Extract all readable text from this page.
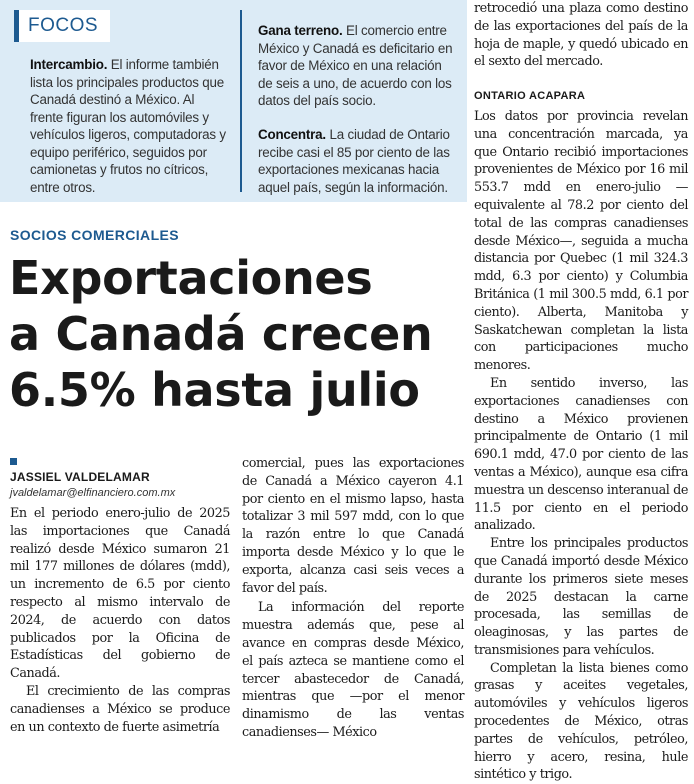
FOCOS
Intercambio. El informe también lista los principales productos que Canadá destinó a México. Al frente figuran los automóviles y vehículos ligeros, computadoras y equipo periférico, seguidos por camionetas y frutos no cítricos, entre otros.
Gana terreno. El comercio entre México y Canadá es deficitario en favor de México en una relación de seis a uno, de acuerdo con los datos del país socio.
Concentra. La ciudad de Ontario recibe casi el 85 por ciento de las exportaciones mexicanas hacia aquel país, según la información.
SOCIOS COMERCIALES
Exportaciones
a Canadá crecen
6.5% hasta julio
JASSIEL VALDELAMAR
jvaldelamar@elfinanciero.com.mx

En el periodo enero-julio de 2025 las importaciones que Canadá realizó desde México sumaron 21 mil 177 millones de dólares (mdd), un incremento de 6.5 por ciento respecto al mismo intervalo de 2024, de acuerdo con datos publicados por la Oficina de Estadísticas del gobierno de Canadá.

El crecimiento de las compras canadienses a México se produce en un contexto de fuerte asimetría

comercial, pues las exportaciones de Canadá a México cayeron 4.1 por ciento en el mismo lapso, hasta totalizar 3 mil 597 mdd, con lo que la razón entre lo que Canadá importa desde México y lo que le exporta, alcanza casi seis veces a favor del país.

La información del reporte muestra además que, pese al avance en compras desde México, el país azteca se mantiene como el tercer abastecedor de Canadá, mientras que —por el menor dinamismo de las ventas canadienses— México

retrocedió una plaza como destino de las exportaciones del país de la hoja de maple, y quedó ubicado en el sexto del mercado.

ONTARIO ACAPARA

Los datos por provincia revelan una concentración marcada, ya que Ontario recibió importaciones provenientes de México por 16 mil 553.7 mdd en enero-julio —equivalente al 78.2 por ciento del total de las compras canadienses desde México—, seguida a mucha distancia por Quebec (1 mil 324.3 mdd, 6.3 por ciento) y Columbia Británica (1 mil 300.5 mdd, 6.1 por ciento). Alberta, Manitoba y Saskatchewan completan la lista con participaciones mucho menores.

En sentido inverso, las exportaciones canadienses con destino a México provienen principalmente de Ontario (1 mil 690.1 mdd, 47.0 por ciento de las ventas a México), aunque esa cifra muestra un descenso interanual de 11.5 por ciento en el periodo analizado.

Entre los principales productos que Canadá importó desde México durante los primeros siete meses de 2025 destacan la carne procesada, las semillas de oleaginosas, y las partes de transmisiones para vehículos.

Completan la lista bienes como grasas y aceites vegetales, automóviles y vehículos ligeros procedentes de México, otras partes de vehículos, petróleo, hierro y acero, resina, hule sintético y trigo.
